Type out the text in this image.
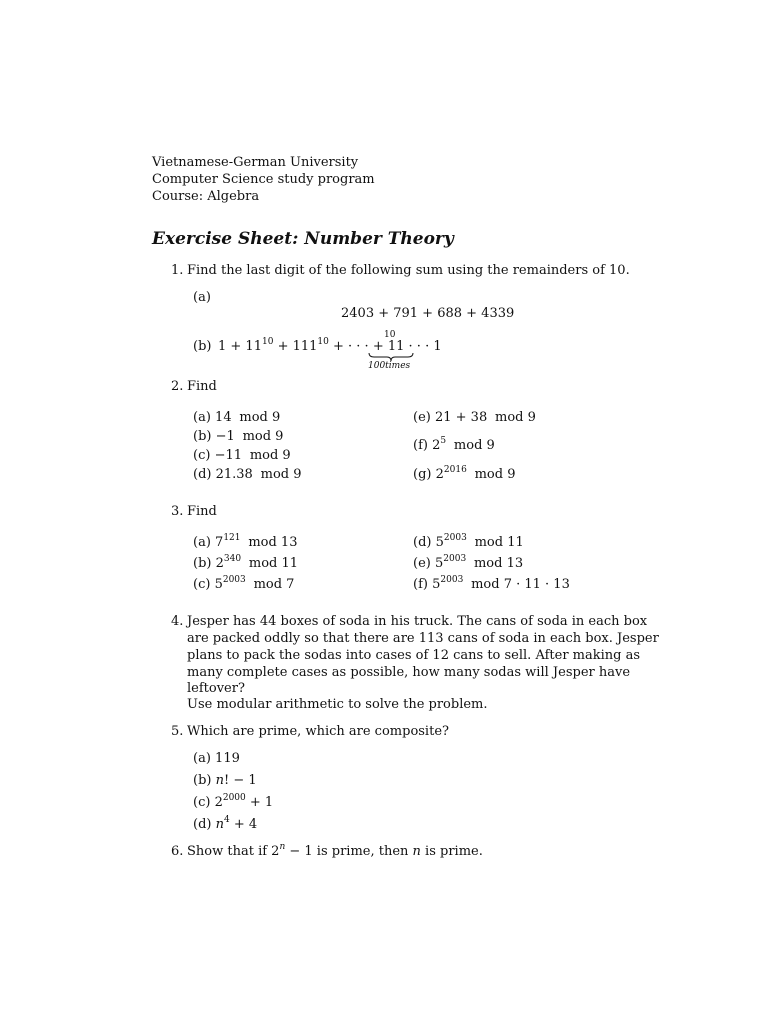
Vietnamese-German University
Computer Science study program
Course: Algebra
Exercise Sheet: Number Theory
1. Find the last digit of the following sum using the remainders of 10.
(a)
2403 + 791 + 688 + 4339
(b) $1 + 11^{10} + 111^{10}$ + · · · + 11 · · · 1
10
100times
2. Find
(a) 14 mod 9
(b) −1 mod 9
(c) −11 mod 9
(d) 21.38 mod 9
(e) 21 + 38 mod 9
(f) $2^5$ mod 9
(g) $2^{2016}$ mod 9
3. Find
(a) $7^{121}$ mod 13
(b) $2^{340}$ mod 11
(c) $5^{2003}$ mod 7
(d) $5^{2003}$ mod 11
(e) $5^{2003}$ mod 13
(f) $5^{2003}$ mod 7 · 11 · 13
4. Jesper has 44 boxes of soda in his truck. The cans of soda in each box
are packed oddly so that there are 113 cans of soda in each box. Jesper
plans to pack the sodas into cases of 12 cans to sell. After making as
many complete cases as possible, how many sodas will Jesper have
leftover?
Use modular arithmetic to solve the problem.
5. Which are prime, which are composite?
(a) 119
(b) n! − 1
(c) $2^{2000} + 1$
(d) $n^4 + 4$
6. Show that if $2^n - 1$ is prime, then n is prime.
